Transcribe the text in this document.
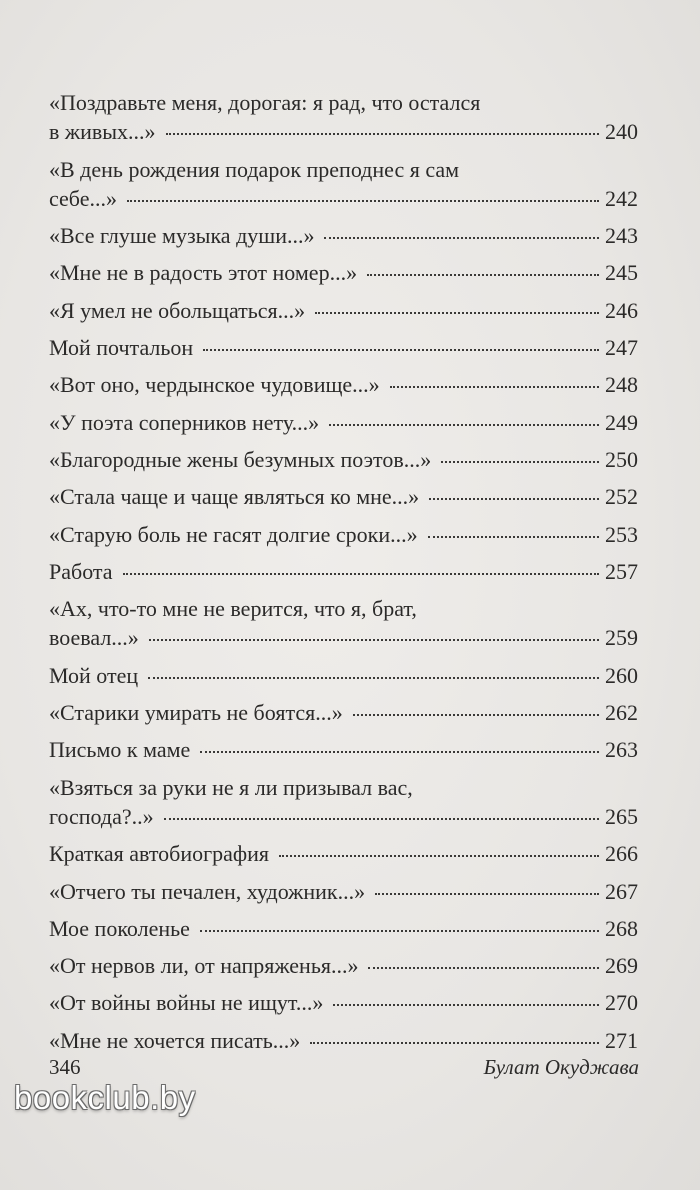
«Поздравьте меня, дорогая: я рад, что остался
в живых...»	240
«В день рождения подарок преподнес я сам
себе...»	242
«Все глуше музыка души...»	243
«Мне не в радость этот номер...»	245
«Я умел не обольщаться...»	246
Мой почтальон	247
«Вот оно, чердынское чудовище...»	248
«У поэта соперников нету...»	249
«Благородные жены безумных поэтов...»	250
«Стала чаще и чаще являться ко мне...»	252
«Старую боль не гасят долгие сроки...»	253
Работа	257
«Ах, что-то мне не верится, что я, брат,
воевал...»	259
Мой отец	260
«Старики умирать не боятся...»	262
Письмо к маме	263
«Взяться за руки не я ли призывал вас,
господа?..»	265
Краткая автобиография	266
«Отчего ты печален, художник...»	267
Мое поколенье	268
«От нервов ли, от напряженья...»	269
«От войны войны не ищут...»	270
«Мне не хочется писать...»	271
346	Булат Окуджава
bookclub.by
